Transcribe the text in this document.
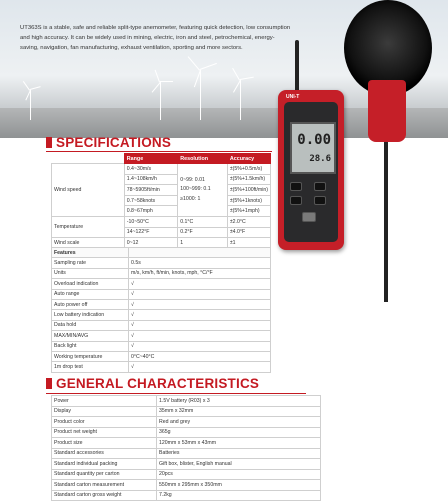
UT363S is a stable, safe and reliable split-type anemometer, featuring quick detection, low consumption and high accuracy. It can be widely used in mining, electric, iron and steel, petrochemical, energy-saving, navigation, fan manufacturing, exhaust ventilation, sporting and more sectors.
UNI-T
0.00
28.6
SPECIFICATIONS
	Range	Resolution	Accuracy
Wind speed	0.4~30m/s	0~99: 0.01
100~999: 0.1
≥1000: 1	±(5%+0.5m/s)
	1.4~108km/h		±(5%+1.5km/h)
	78~5905ft/min		±(5%+100ft/min)
	0.7~58knots		±(5%+1knots)
	0.8~67mph		±(5%+1mph)
Temperature	-10~50°C	0.1°C	±2.0°C
	14~122°F	0.2°F	±4.0°F
Wind scale	0~12	1	±1
Features	
Sampling rate	0.5s
Units	m/s, km/h, ft/min, knots, mph, °C/°F
Overload indication	√
Auto range	√
Auto power off	√
Low battery indication	√
Data hold	√
MAX/MIN/AVG	√
Back light	√
Working temperature	0°C~40°C
1m drop test	√
GENERAL CHARACTERISTICS
Power	1.5V battery (R03) x 3
Display	35mm x 32mm
Product color	Red and grey
Product net weight	365g
Product size	120mm x 53mm x 43mm
Standard accessories	Batteries
Standard individual packing	Gift box, blister, English manual
Standard quantity per carton	20pcs
Standard carton measurement	550mm x 295mm x 350mm
Standard carton gross weight	7.2kg
